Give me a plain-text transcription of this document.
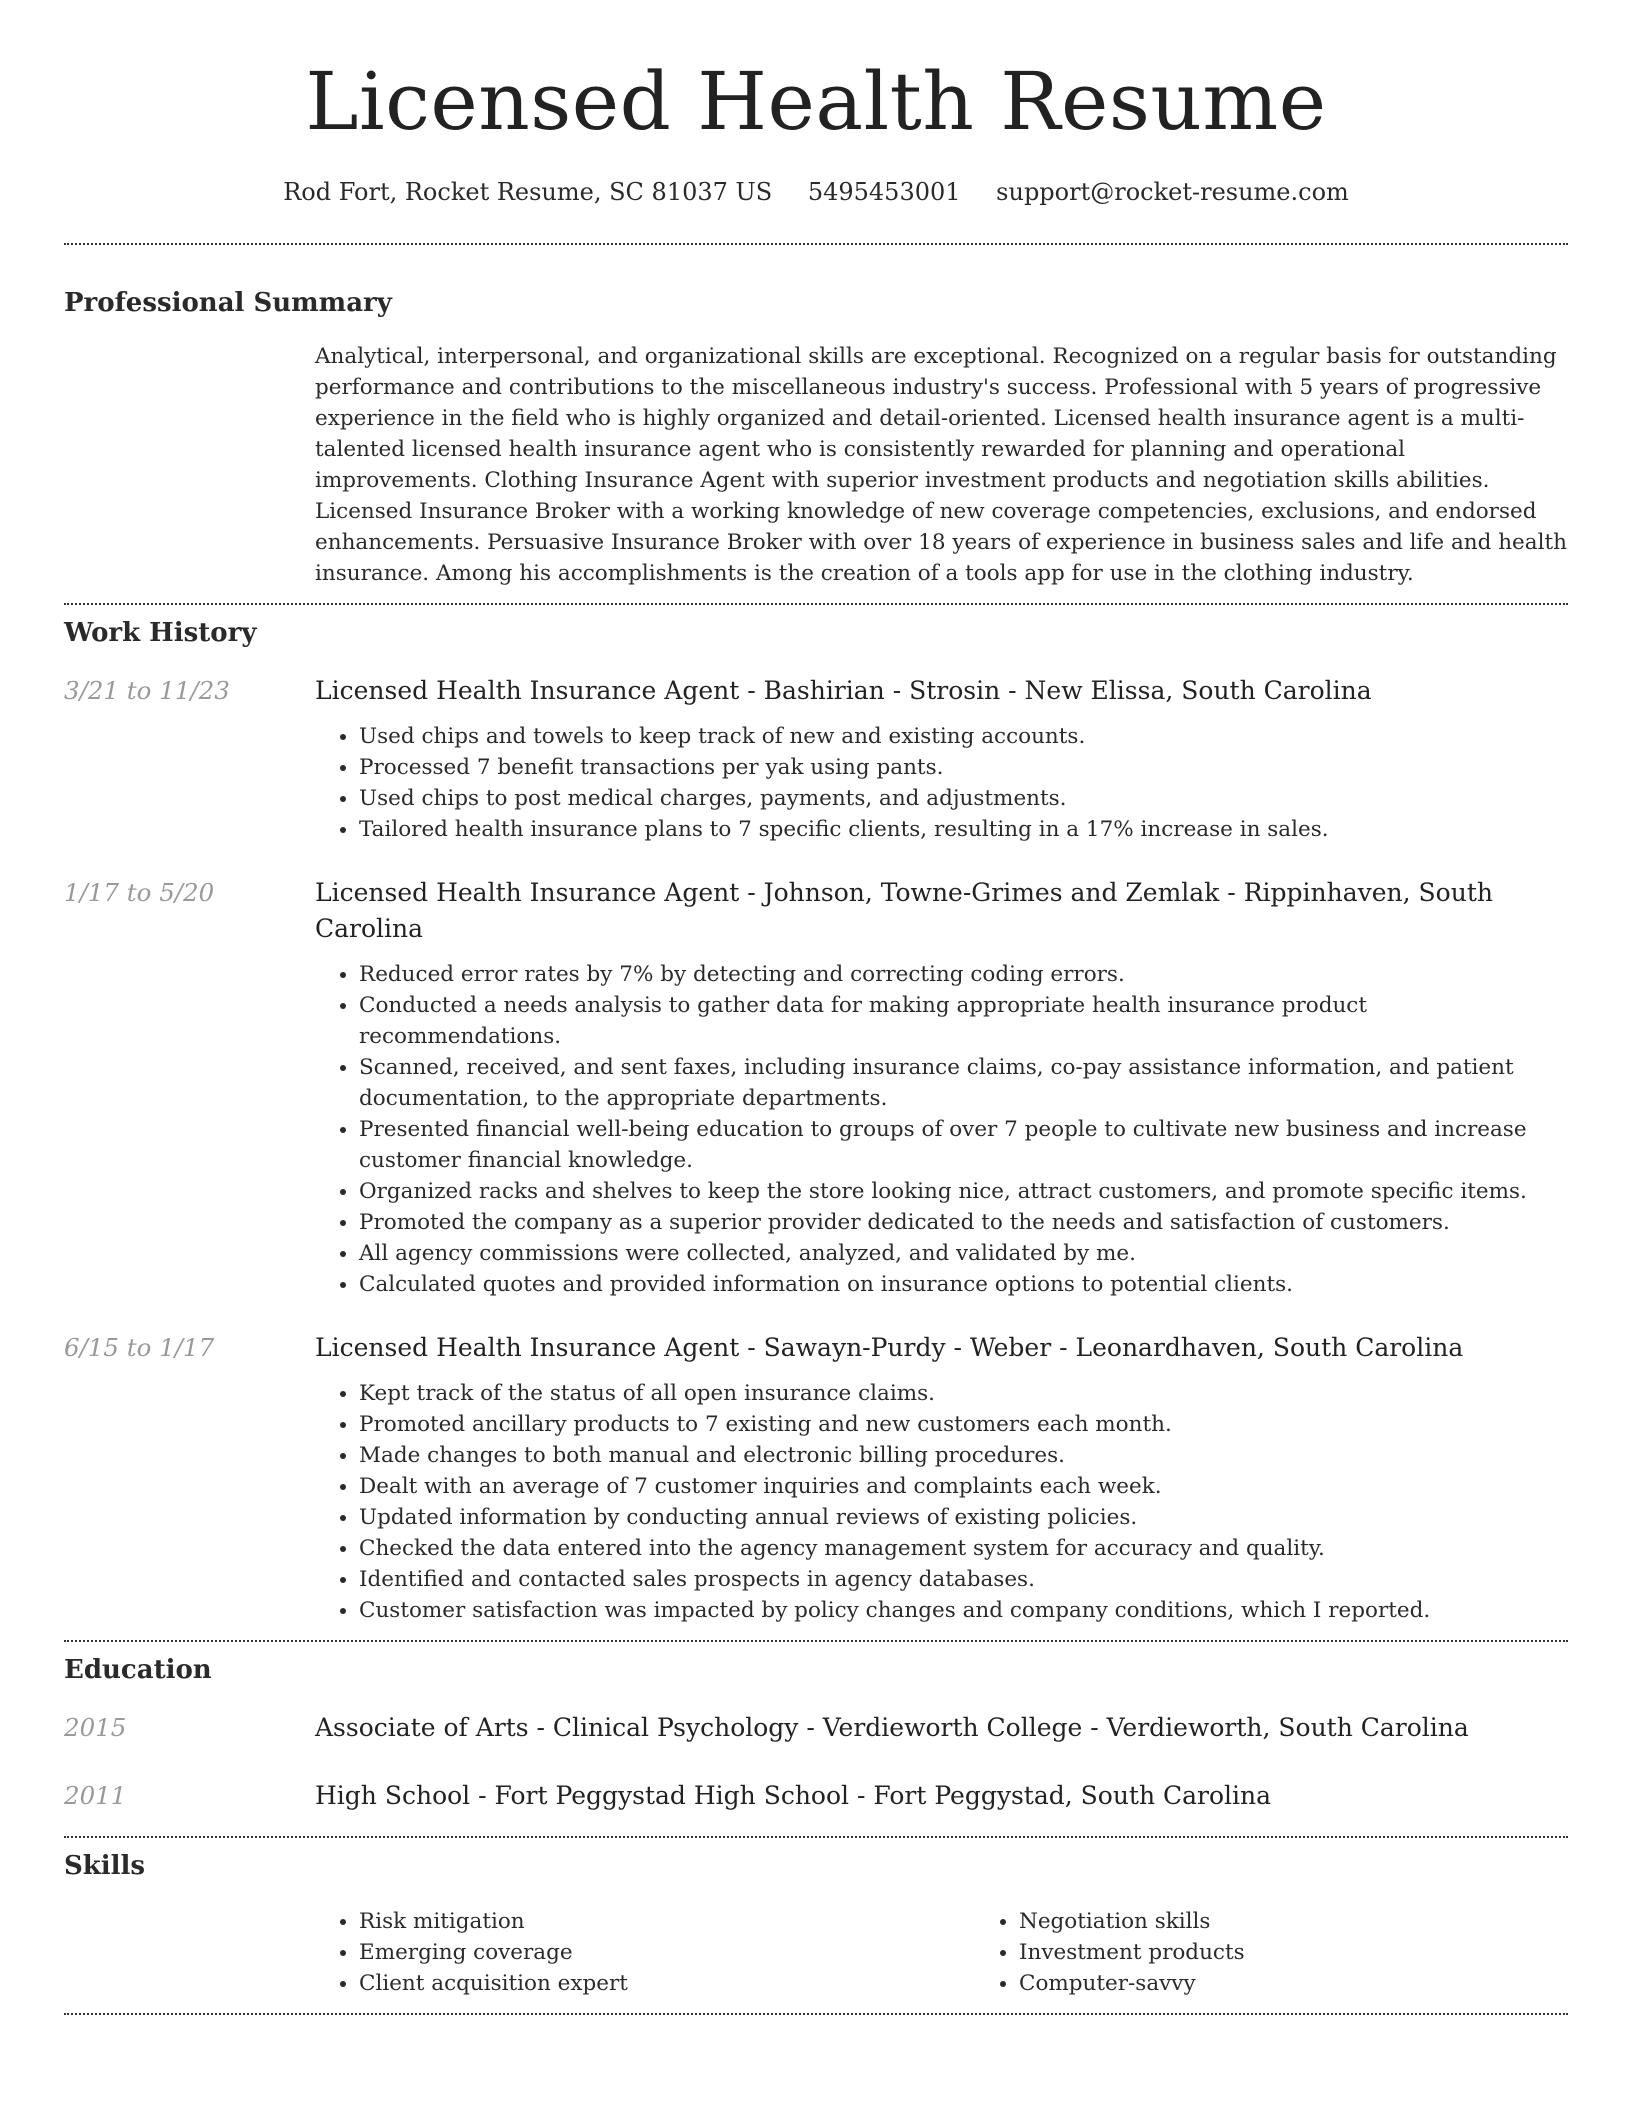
Licensed Health Resume
Rod Fort, Rocket Resume, SC 81037 US 5495453001 support@rocket-resume.com
Professional Summary
Analytical, interpersonal, and organizational skills are exceptional. Recognized on a regular basis for outstanding performance and contributions to the miscellaneous industry's success. Professional with 5 years of progressive experience in the field who is highly organized and detail-oriented. Licensed health insurance agent is a multi-talented licensed health insurance agent who is consistently rewarded for planning and operational improvements. Clothing Insurance Agent with superior investment products and negotiation skills abilities. Licensed Insurance Broker with a working knowledge of new coverage competencies, exclusions, and endorsed enhancements. Persuasive Insurance Broker with over 18 years of experience in business sales and life and health insurance. Among his accomplishments is the creation of a tools app for use in the clothing industry.
Work History
3/21 to 11/23	Licensed Health Insurance Agent - Bashirian - Strosin - New Elissa, South Carolina
• Used chips and towels to keep track of new and existing accounts.
• Processed 7 benefit transactions per yak using pants.
• Used chips to post medical charges, payments, and adjustments.
• Tailored health insurance plans to 7 specific clients, resulting in a 17% increase in sales.
1/17 to 5/20	Licensed Health Insurance Agent - Johnson, Towne-Grimes and Zemlak - Rippinhaven, South Carolina
• Reduced error rates by 7% by detecting and correcting coding errors.
• Conducted a needs analysis to gather data for making appropriate health insurance product recommendations.
• Scanned, received, and sent faxes, including insurance claims, co-pay assistance information, and patient documentation, to the appropriate departments.
• Presented financial well-being education to groups of over 7 people to cultivate new business and increase customer financial knowledge.
• Organized racks and shelves to keep the store looking nice, attract customers, and promote specific items.
• Promoted the company as a superior provider dedicated to the needs and satisfaction of customers.
• All agency commissions were collected, analyzed, and validated by me.
• Calculated quotes and provided information on insurance options to potential clients.
6/15 to 1/17	Licensed Health Insurance Agent - Sawayn-Purdy - Weber - Leonardhaven, South Carolina
• Kept track of the status of all open insurance claims.
• Promoted ancillary products to 7 existing and new customers each month.
• Made changes to both manual and electronic billing procedures.
• Dealt with an average of 7 customer inquiries and complaints each week.
• Updated information by conducting annual reviews of existing policies.
• Checked the data entered into the agency management system for accuracy and quality.
• Identified and contacted sales prospects in agency databases.
• Customer satisfaction was impacted by policy changes and company conditions, which I reported.
Education
2015	Associate of Arts - Clinical Psychology - Verdieworth College - Verdieworth, South Carolina
2011	High School - Fort Peggystad High School - Fort Peggystad, South Carolina
Skills
• Risk mitigation
• Emerging coverage
• Client acquisition expert
• Negotiation skills
• Investment products
• Computer-savvy
